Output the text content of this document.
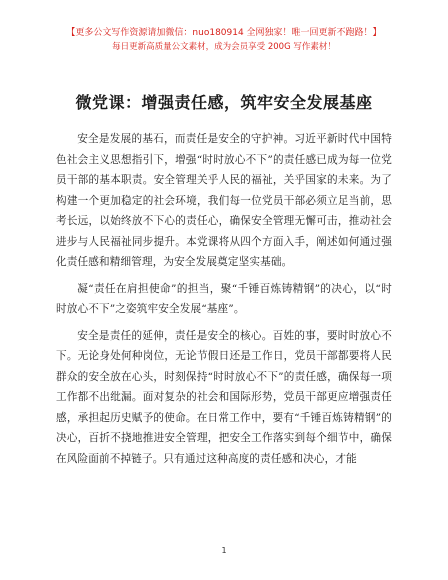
【更多公文写作资源请加微信：nuo180914 全网独家！唯一回更新不跑路！】
每日更新高质量公文素材，成为会员享受 200G 写作素材！
微党课：增强责任感，筑牢安全发展基座

安全是发展的基石，而责任是安全的守护神。习近平新时代中国特色社会主义思想指引下，增强“时时放心不下”的责任感已成为每一位党员干部的基本职责。安全管理关乎人民的福祉，关乎国家的未来。为了构建一个更加稳定的社会环境，我们每一位党员干部必须立足当前，思考长远，以始终放不下心的责任心，确保安全管理无懈可击，推动社会进步与人民福祉同步提升。本党课将从四个方面入手，阐述如何通过强化责任感和精细管理，为安全发展奠定坚实基础。

凝“责任在肩担使命”的担当，聚“千锤百炼铸精钢”的决心，以“时时放心不下”之姿筑牢安全发展“基座”。

安全是责任的延伸，责任是安全的核心。百姓的事，要时时放心不下。无论身处何种岗位，无论节假日还是工作日，党员干部都要将人民群众的安全放在心头，时刻保持“时时放心不下”的责任感，确保每一项工作都不出纰漏。面对复杂的社会和国际形势，党员干部更应增强责任感，承担起历史赋予的使命。在日常工作中，要有“千锤百炼铸精钢”的决心，百折不挠地推进安全管理，把安全工作落实到每个细节中，确保在风险面前不掉链子。只有通过这种高度的责任感和决心，才能

1
